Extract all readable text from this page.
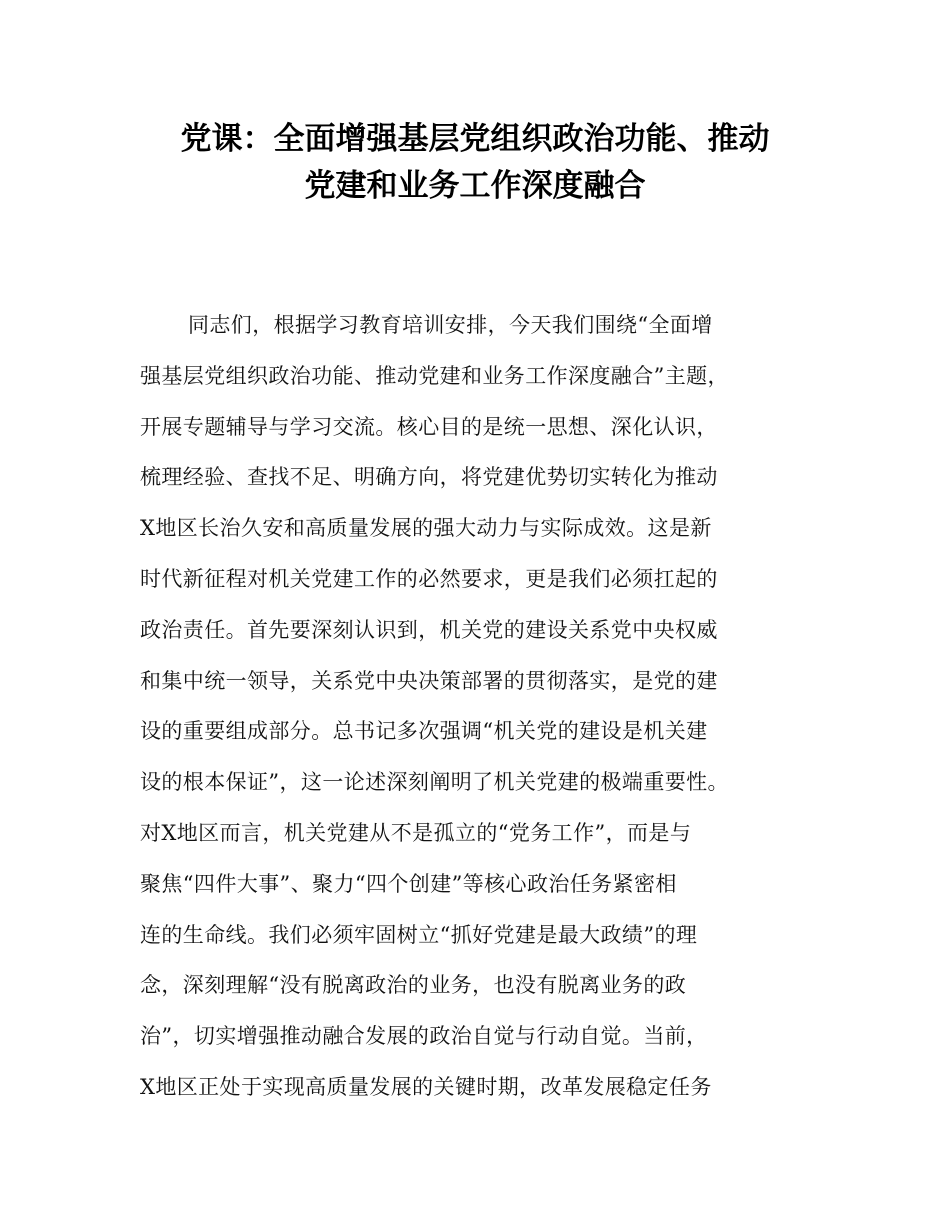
党课：全面增强基层党组织政治功能、推动
党建和业务工作深度融合
同志们，根据学习教育培训安排，今天我们围绕“全面增
强基层党组织政治功能、推动党建和业务工作深度融合”主题，
开展专题辅导与学习交流。核心目的是统一思想、深化认识，
梳理经验、查找不足、明确方向，将党建优势切实转化为推动
X地区长治久安和高质量发展的强大动力与实际成效。这是新
时代新征程对机关党建工作的必然要求，更是我们必须扛起的
政治责任。首先要深刻认识到，机关党的建设关系党中央权威
和集中统一领导，关系党中央决策部署的贯彻落实，是党的建
设的重要组成部分。总书记多次强调“机关党的建设是机关建
设的根本保证”，这一论述深刻阐明了机关党建的极端重要性。
对X地区而言，机关党建从不是孤立的“党务工作”，而是与
聚焦“四件大事”、聚力“四个创建”等核心政治任务紧密相
连的生命线。我们必须牢固树立“抓好党建是最大政绩”的理
念，深刻理解“没有脱离政治的业务，也没有脱离业务的政
治”，切实增强推动融合发展的政治自觉与行动自觉。当前，
X地区正处于实现高质量发展的关键时期，改革发展稳定任务
